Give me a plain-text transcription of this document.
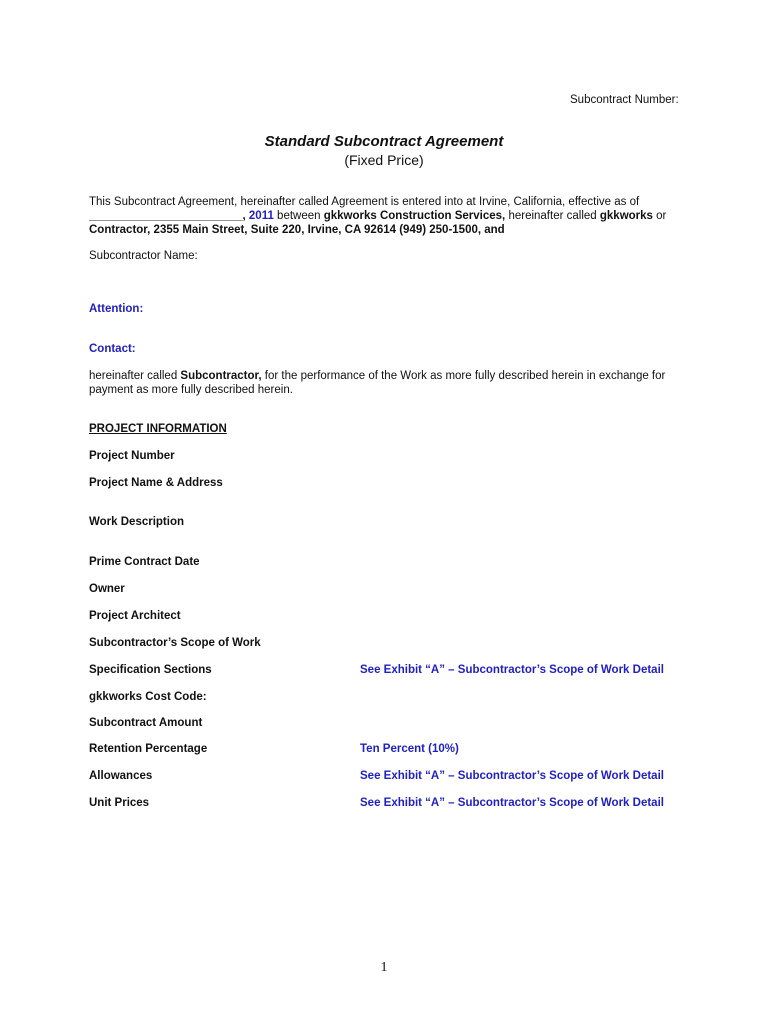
Subcontract Number:
Standard Subcontract Agreement
(Fixed Price)
This Subcontract Agreement, hereinafter called Agreement is entered into at Irvine, California, effective as of
________________________, 2011 between gkkworks Construction Services, hereinafter called gkkworks or
Contractor, 2355 Main Street, Suite 220, Irvine, CA 92614 (949) 250-1500, and
Subcontractor Name:
Attention:
Contact:
hereinafter called Subcontractor, for the performance of the Work as more fully described herein in exchange for
payment as more fully described herein.
PROJECT INFORMATION
Project Number
Project Name & Address
Work Description
Prime Contract Date
Owner
Project Architect
Subcontractor’s Scope of Work
Specification Sections	See Exhibit “A” – Subcontractor’s Scope of Work Detail
gkkworks Cost Code:
Subcontract Amount
Retention Percentage	Ten Percent (10%)
Allowances	See Exhibit “A” – Subcontractor’s Scope of Work Detail
Unit Prices	See Exhibit “A” – Subcontractor’s Scope of Work Detail
1
